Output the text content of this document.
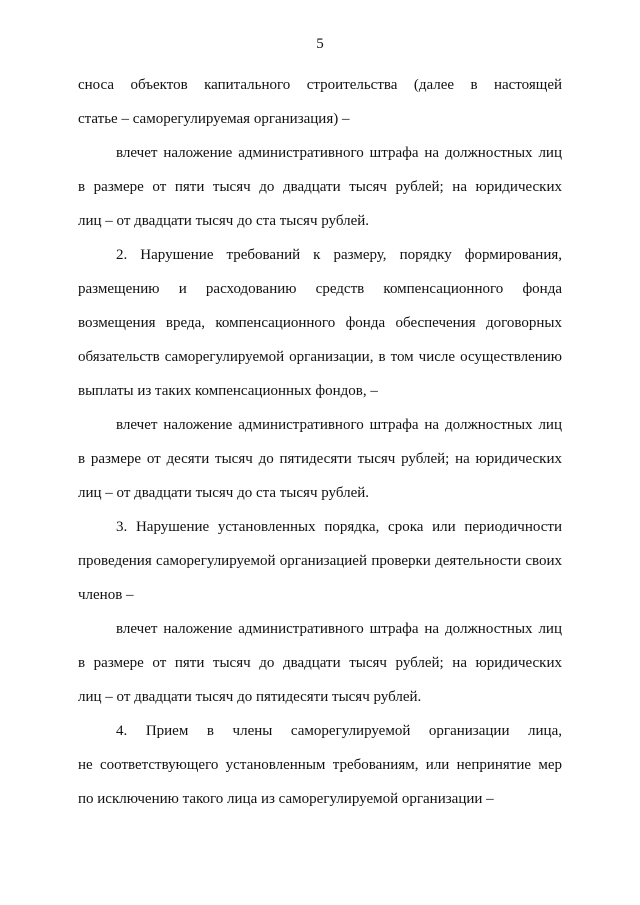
5
сноса объектов капитального строительства (далее в настоящей
статье – саморегулируемая организация) –
влечет наложение административного штрафа на должностных лиц
в размере от пяти тысяч до двадцати тысяч рублей; на юридических
лиц – от двадцати тысяч до ста тысяч рублей.
2. Нарушение требований к размеру, порядку формирования,
размещению и расходованию средств компенсационного фонда
возмещения вреда, компенсационного фонда обеспечения договорных
обязательств саморегулируемой организации, в том числе осуществлению
выплаты из таких компенсационных фондов, –
влечет наложение административного штрафа на должностных лиц
в размере от десяти тысяч до пятидесяти тысяч рублей; на юридических
лиц – от двадцати тысяч до ста тысяч рублей.
3. Нарушение установленных порядка, срока или периодичности
проведения саморегулируемой организацией проверки деятельности своих
членов –
влечет наложение административного штрафа на должностных лиц
в размере от пяти тысяч до двадцати тысяч рублей; на юридических
лиц – от двадцати тысяч до пятидесяти тысяч рублей.
4. Прием в члены саморегулируемой организации лица,
не соответствующего установленным требованиям, или непринятие мер
по исключению такого лица из саморегулируемой организации –
